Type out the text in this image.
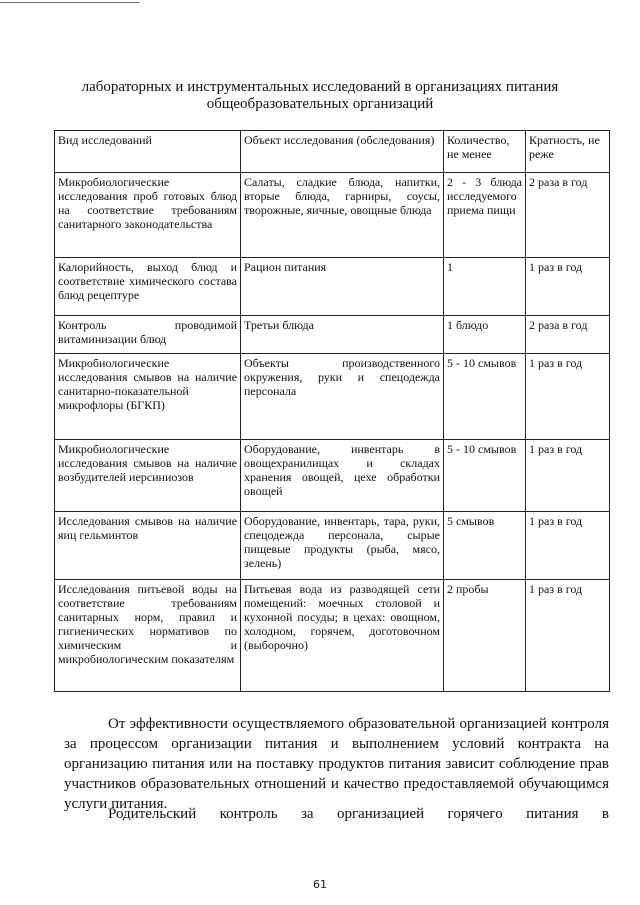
лабораторных и инструментальных исследований в организациях питания
общеобразовательных организаций
Вид исследований	Объект исследования (обследования)	Количество, не менее	Кратность, не реже
Микробиологические исследования проб готовых блюд на соответствие требованиям санитарного законодательства	Салаты, сладкие блюда, напитки, вторые блюда, гарниры, соусы, творожные, яичные, овощные блюда	2 - 3 блюда исследуемого приема пищи	2 раза в год
Калорийность, выход блюд и соответствие химического состава блюд рецептуре	Рацион питания	1	1 раз в год
Контроль проводимой витаминизации блюд	Третьи блюда	1 блюдо	2 раза в год
Микробиологические исследования смывов на наличие санитарно-показательной микрофлоры (БГКП)	Объекты производственного окружения, руки и спецодежда персонала	5 - 10 смывов	1 раз в год
Микробиологические исследования смывов на наличие возбудителей иерсиниозов	Оборудование, инвентарь в овощехранилищах и складах хранения овощей, цехе обработки овощей	5 - 10 смывов	1 раз в год
Исследования смывов на наличие яиц гельминтов	Оборудование, инвентарь, тара, руки, спецодежда персонала, сырые пищевые продукты (рыба, мясо, зелень)	5 смывов	1 раз в год
Исследования питьевой воды на соответствие требованиям санитарных норм, правил и гигиенических нормативов по химическим и микробиологическим показателям	Питьевая вода из разводящей сети помещений: моечных столовой и кухонной посуды; в цехах: овощном, холодном, горячем, доготовочном (выборочно)	2 пробы	1 раз в год
От эффективности осуществляемого образовательной организацией контроля за процессом организации питания и выполнением условий контракта на организацию питания или на поставку продуктов питания зависит соблюдение прав участников образовательных отношений и качество предоставляемой обучающимся услуги питания.
Родительский контроль за организацией горячего питания в
61
